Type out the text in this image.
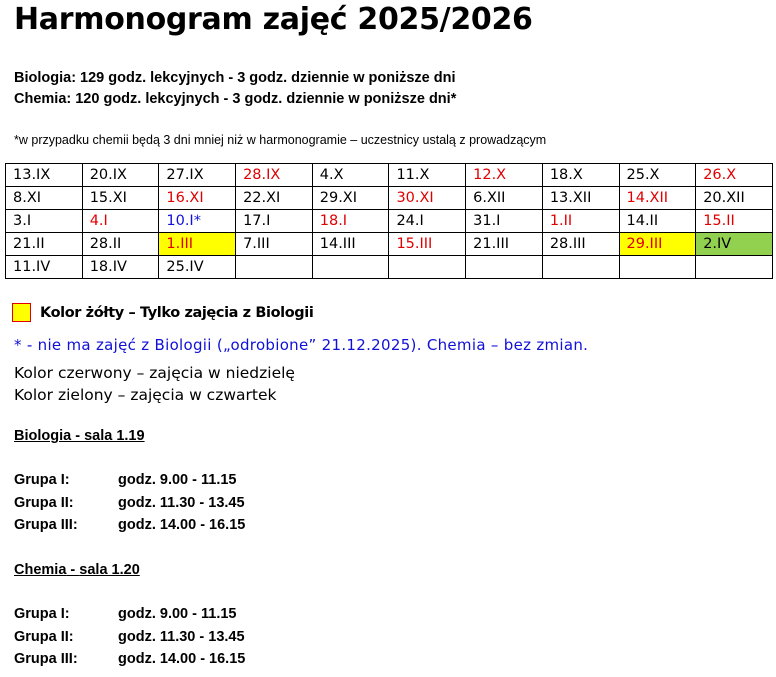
Harmonogram zajęć 2025/2026
Biologia: 129 godz. lekcyjnych - 3 godz. dziennie w poniższe dni
Chemia: 120 godz. lekcyjnych - 3 godz. dziennie w poniższe dni*
*w przypadku chemii będą 3 dni mniej niż w harmonogramie – uczestnicy ustalą z prowadzącym
13.IX	20.IX	27.IX	28.IX	4.X	11.X	12.X	18.X	25.X	26.X
8.XI	15.XI	16.XI	22.XI	29.XI	30.XI	6.XII	13.XII	14.XII	20.XII
3.I	4.I	10.I*	17.I	18.I	24.I	31.I	1.II	14.II	15.II
21.II	28.II	1.III	7.III	14.III	15.III	21.III	28.III	29.III	2.IV
11.IV	18.IV	25.IV							
Kolor żółty – Tylko zajęcia z Biologii
* - nie ma zajęć z Biologii („odrobione” 21.12.2025). Chemia – bez zmian.
Kolor czerwony – zajęcia w niedzielę
Kolor zielony – zajęcia w czwartek
Biologia - sala 1.19
Grupa I:	godz. 9.00 - 11.15
Grupa II:	godz. 11.30 - 13.45
Grupa III:	godz. 14.00 - 16.15
Chemia - sala 1.20
Grupa I:	godz. 9.00 - 11.15
Grupa II:	godz. 11.30 - 13.45
Grupa III:	godz. 14.00 - 16.15
